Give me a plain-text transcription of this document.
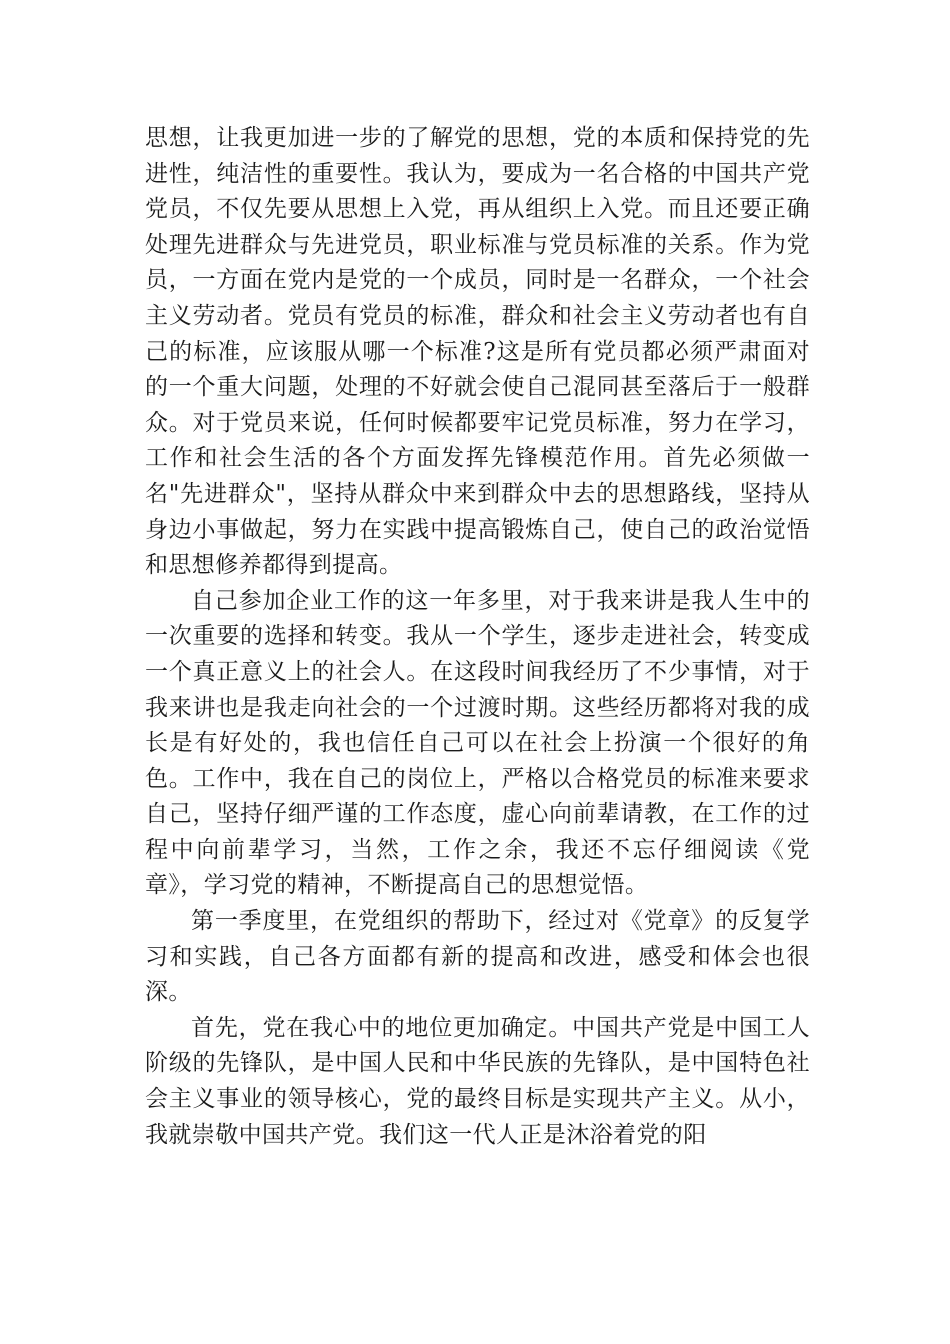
思想，让我更加进一步的了解党的思想，党的本质和保持党的先进性，纯洁性的重要性。我认为，要成为一名合格的中国共产党党员，不仅先要从思想上入党，再从组织上入党。而且还要正确处理先进群众与先进党员，职业标准与党员标准的关系。作为党员，一方面在党内是党的一个成员，同时是一名群众，一个社会主义劳动者。党员有党员的标准，群众和社会主义劳动者也有自己的标准，应该服从哪一个标准?这是所有党员都必须严肃面对的一个重大问题，处理的不好就会使自己混同甚至落后于一般群众。对于党员来说，任何时候都要牢记党员标准，努力在学习，工作和社会生活的各个方面发挥先锋模范作用。首先必须做一名"先进群众"，坚持从群众中来到群众中去的思想路线，坚持从身边小事做起，努力在实践中提高锻炼自己，使自己的政治觉悟和思想修养都得到提高。

自己参加企业工作的这一年多里，对于我来讲是我人生中的一次重要的选择和转变。我从一个学生，逐步走进社会，转变成一个真正意义上的社会人。在这段时间我经历了不少事情，对于我来讲也是我走向社会的一个过渡时期。这些经历都将对我的成长是有好处的，我也信任自己可以在社会上扮演一个很好的角色。工作中，我在自己的岗位上，严格以合格党员的标准来要求自己，坚持仔细严谨的工作态度，虚心向前辈请教，在工作的过程中向前辈学习，当然，工作之余，我还不忘仔细阅读《党章》，学习党的精神，不断提高自己的思想觉悟。

第一季度里，在党组织的帮助下，经过对《党章》的反复学习和实践，自己各方面都有新的提高和改进，感受和体会也很深。

首先，党在我心中的地位更加确定。中国共产党是中国工人阶级的先锋队，是中国人民和中华民族的先锋队，是中国特色社会主义事业的领导核心，党的最终目标是实现共产主义。从小，我就崇敬中国共产党。我们这一代人正是沐浴着党的阳
